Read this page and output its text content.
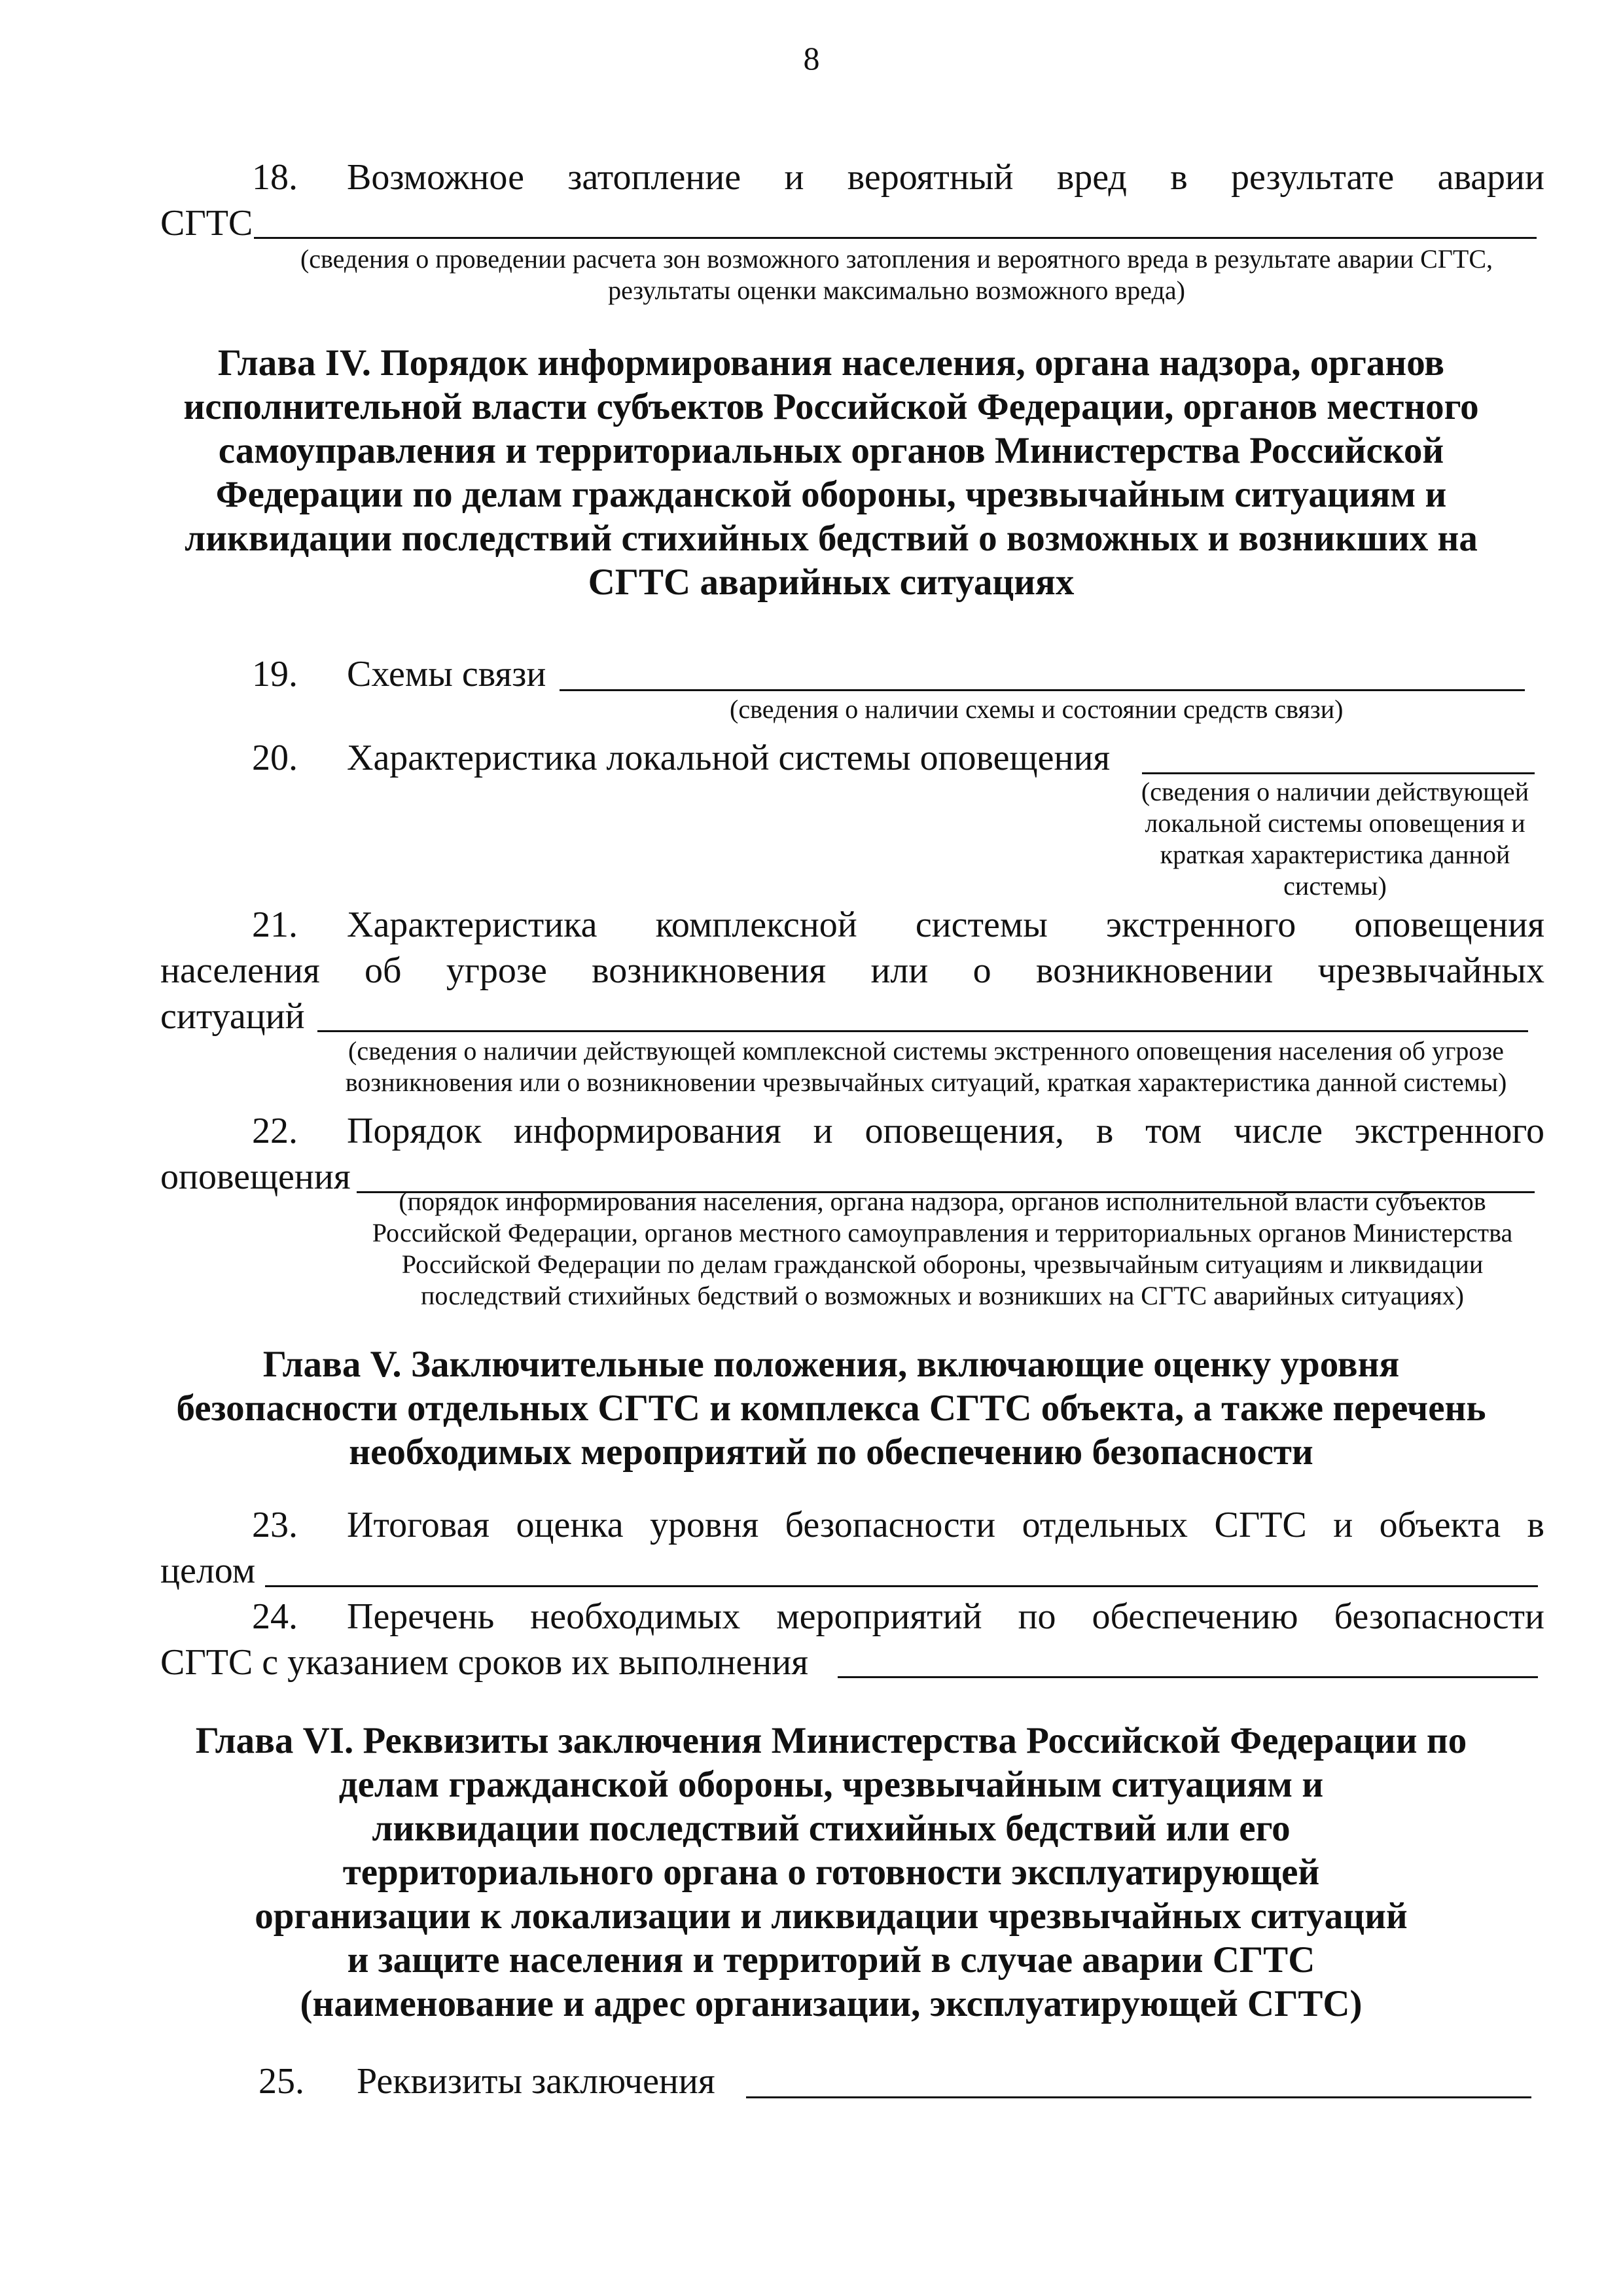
8
18. Возможное затопление и вероятный вред в результате аварии
СГТС
(сведения о проведении расчета зон возможного затопления и вероятного вреда в результате аварии СГТС,
результаты оценки максимально возможного вреда)
Глава IV. Порядок информирования населения, органа надзора, органов
исполнительной власти субъектов Российской Федерации, органов местного
самоуправления и территориальных органов Министерства Российской
Федерации по делам гражданской обороны, чрезвычайным ситуациям и
ликвидации последствий стихийных бедствий о возможных и возникших на
СГТС аварийных ситуациях
19. Схемы связи
(сведения о наличии схемы и состоянии средств связи)
20. Характеристика локальной системы оповещения
(сведения о наличии действующей
локальной системы оповещения и
краткая характеристика данной
системы)
21. Характеристика комплексной системы экстренного оповещения
населения об угрозе возникновения или о возникновении чрезвычайных
ситуаций
(сведения о наличии действующей комплексной системы экстренного оповещения населения об угрозе
возникновения или о возникновении чрезвычайных ситуаций, краткая характеристика данной системы)
22. Порядок информирования и оповещения, в том числе экстренного
оповещения
(порядок информирования населения, органа надзора, органов исполнительной власти субъектов
Российской Федерации, органов местного самоуправления и территориальных органов Министерства
Российской Федерации по делам гражданской обороны, чрезвычайным ситуациям и ликвидации
последствий стихийных бедствий о возможных и возникших на СГТС аварийных ситуациях)
Глава V. Заключительные положения, включающие оценку уровня
безопасности отдельных СГТС и комплекса СГТС объекта, а также перечень
необходимых мероприятий по обеспечению безопасности
23. Итоговая оценка уровня безопасности отдельных СГТС и объекта в
целом
24. Перечень необходимых мероприятий по обеспечению безопасности
СГТС с указанием сроков их выполнения
Глава VI. Реквизиты заключения Министерства Российской Федерации по
делам гражданской обороны, чрезвычайным ситуациям и
ликвидации последствий стихийных бедствий или его
территориального органа о готовности эксплуатирующей
организации к локализации и ликвидации чрезвычайных ситуаций
и защите населения и территорий в случае аварии СГТС
(наименование и адрес организации, эксплуатирующей СГТС)
25. Реквизиты заключения
